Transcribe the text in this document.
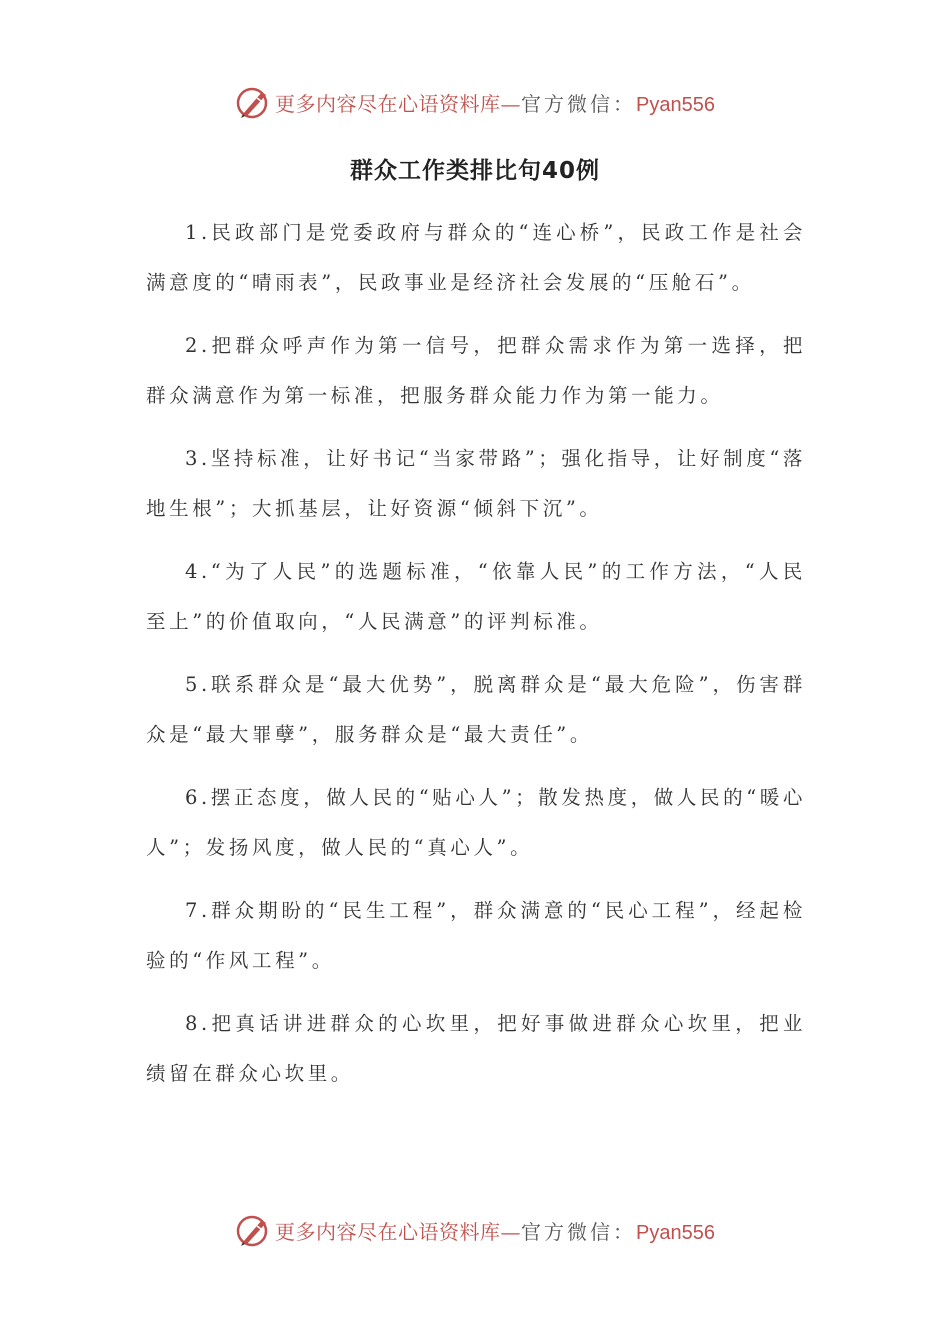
更多内容尽在心语资料库—官方微信：Pyan556
群众工作类排比句40例

1.民政部门是党委政府与群众的“连心桥”，民政工作是社会满意度的“晴雨表”，民政事业是经济社会发展的“压舱石”。

2.把群众呼声作为第一信号，把群众需求作为第一选择，把群众满意作为第一标准，把服务群众能力作为第一能力。

3.坚持标准，让好书记“当家带路”；强化指导，让好制度“落地生根”；大抓基层，让好资源“倾斜下沉”。

4.“为了人民”的选题标准，“依靠人民”的工作方法，“人民至上”的价值取向，“人民满意”的评判标准。

5.联系群众是“最大优势”，脱离群众是“最大危险”，伤害群众是“最大罪孽”，服务群众是“最大责任”。

6.摆正态度，做人民的“贴心人”；散发热度，做人民的“暖心人”；发扬风度，做人民的“真心人”。

7.群众期盼的“民生工程”，群众满意的“民心工程”，经起检验的“作风工程”。

8.把真话讲进群众的心坎里，把好事做进群众心坎里，把业绩留在群众心坎里。

更多内容尽在心语资料库—官方微信：Pyan556
